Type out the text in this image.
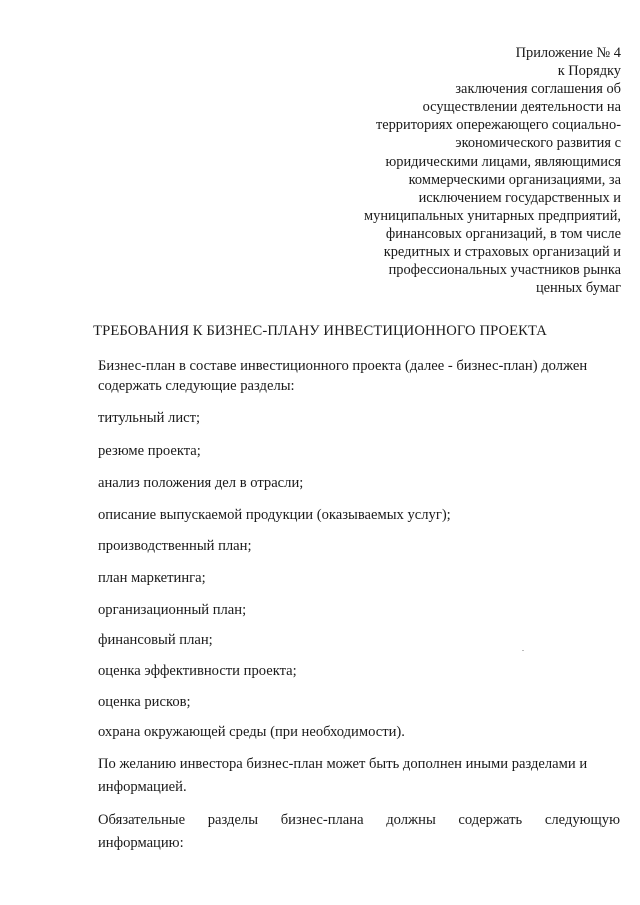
Приложение № 4
к Порядку
заключения соглашения об
осуществлении деятельности на
территориях опережающего социально-
экономического развития с
юридическими лицами, являющимися
коммерческими организациями, за
исключением государственных и
муниципальных унитарных предприятий,
финансовых организаций, в том числе
кредитных и страховых организаций и
профессиональных участников рынка
ценных бумаг
ТРЕБОВАНИЯ К БИЗНЕС-ПЛАНУ ИНВЕСТИЦИОННОГО ПРОЕКТА
Бизнес-план в составе инвестиционного проекта (далее - бизнес-план) должен
содержать следующие разделы:
титульный лист;
резюме проекта;
анализ положения дел в отрасли;
описание выпускаемой продукции (оказываемых услуг);
производственный план;
план маркетинга;
организационный план;
финансовый план;
оценка эффективности проекта;
оценка рисков;
охрана окружающей среды (при необходимости).
По желанию инвестора бизнес-план может быть дополнен иными разделами и
информацией.
Обязательные разделы бизнес-плана должны содержать следующую
информацию:
